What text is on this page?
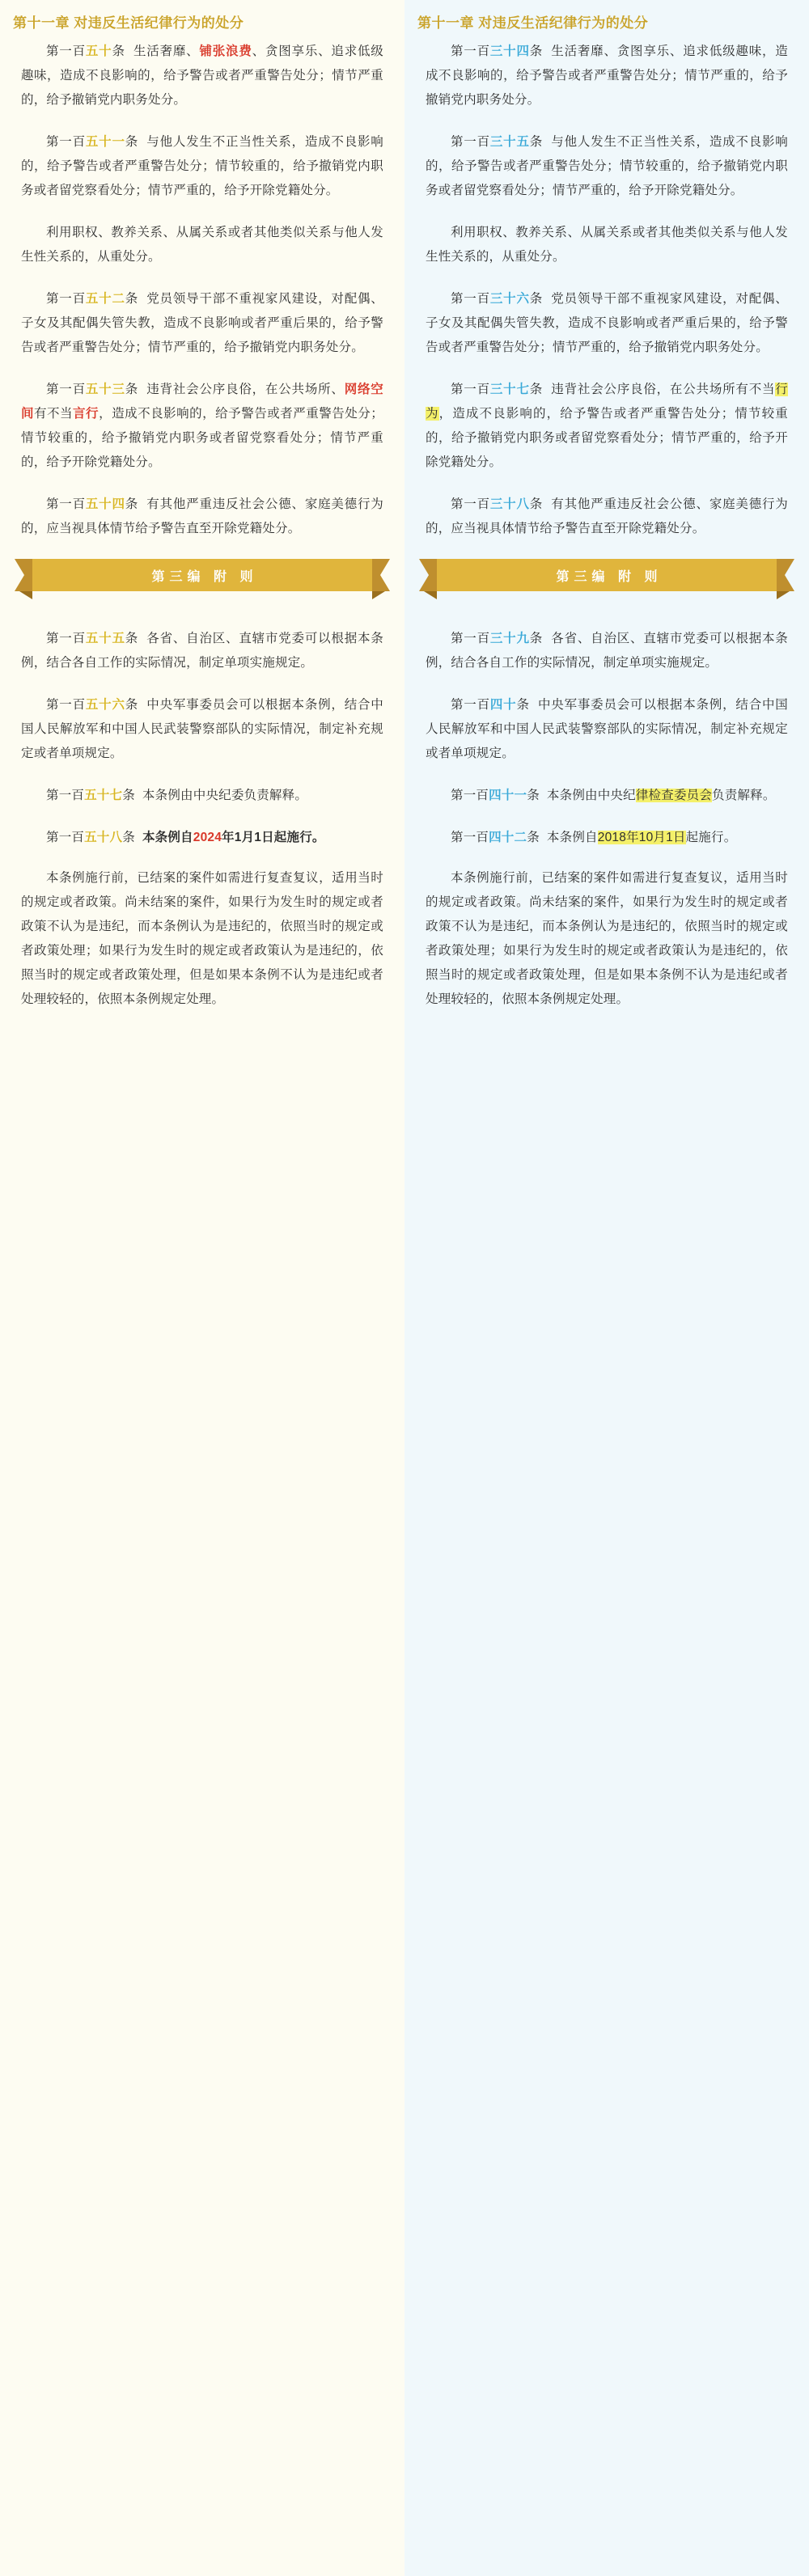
第十一章 对违反生活纪律行为的处分

第一百五十条  生活奢靡、铺张浪费、贪图享乐、追求低级趣味，造成不良影响的，给予警告或者严重警告处分；情节严重的，给予撤销党内职务处分。

第一百五十一条  与他人发生不正当性关系，造成不良影响的，给予警告或者严重警告处分；情节较重的，给予撤销党内职务或者留党察看处分；情节严重的，给予开除党籍处分。

利用职权、教养关系、从属关系或者其他类似关系与他人发生性关系的，从重处分。

第一百五十二条  党员领导干部不重视家风建设，对配偶、子女及其配偶失管失教，造成不良影响或者严重后果的，给予警告或者严重警告处分；情节严重的，给予撤销党内职务处分。

第一百五十三条  违背社会公序良俗，在公共场所、网络空间有不当言行，造成不良影响的，给予警告或者严重警告处分；情节较重的，给予撤销党内职务或者留党察看处分；情节严重的，给予开除党籍处分。

第一百五十四条  有其他严重违反社会公德、家庭美德行为的，应当视具体情节给予警告直至开除党籍处分。

第三编 附 则

第一百五十五条  各省、自治区、直辖市党委可以根据本条例，结合各自工作的实际情况，制定单项实施规定。

第一百五十六条  中央军事委员会可以根据本条例，结合中国人民解放军和中国人民武装警察部队的实际情况，制定补充规定或者单项规定。

第一百五十七条  本条例由中央纪委负责解释。

第一百五十八条 本条例自2024年1月1日起施行。

本条例施行前，已结案的案件如需进行复查复议，适用当时的规定或者政策。尚未结案的案件，如果行为发生时的规定或者政策不认为是违纪，而本条例认为是违纪的，依照当时的规定或者政策处理；如果行为发生时的规定或者政策认为是违纪的，依照当时的规定或者政策处理，但是如果本条例不认为是违纪或者处理较轻的，依照本条例规定处理。

第十一章 对违反生活纪律行为的处分

第一百三十四条  生活奢靡、贪图享乐、追求低级趣味，造成不良影响的，给予警告或者严重警告处分；情节严重的，给予撤销党内职务处分。

第一百三十五条  与他人发生不正当性关系，造成不良影响的，给予警告或者严重警告处分；情节较重的，给予撤销党内职务或者留党察看处分；情节严重的，给予开除党籍处分。

利用职权、教养关系、从属关系或者其他类似关系与他人发生性关系的，从重处分。

第一百三十六条  党员领导干部不重视家风建设，对配偶、子女及其配偶失管失教，造成不良影响或者严重后果的，给予警告或者严重警告处分；情节严重的，给予撤销党内职务处分。

第一百三十七条  违背社会公序良俗，在公共场所有不当行为，造成不良影响的，给予警告或者严重警告处分；情节较重的，给予撤销党内职务或者留党察看处分；情节严重的，给予开除党籍处分。

第一百三十八条  有其他严重违反社会公德、家庭美德行为的，应当视具体情节给予警告直至开除党籍处分。

第三编 附 则

第一百三十九条  各省、自治区、直辖市党委可以根据本条例，结合各自工作的实际情况，制定单项实施规定。

第一百四十条  中央军事委员会可以根据本条例，结合中国人民解放军和中国人民武装警察部队的实际情况，制定补充规定或者单项规定。

第一百四十一条  本条例由中央纪律检查委员会负责解释。

第一百四十二条  本条例自2018年10月1日起施行。

本条例施行前，已结案的案件如需进行复查复议，适用当时的规定或者政策。尚未结案的案件，如果行为发生时的规定或者政策不认为是违纪，而本条例认为是违纪的，依照当时的规定或者政策处理；如果行为发生时的规定或者政策认为是违纪的，依照当时的规定或者政策处理，但是如果本条例不认为是违纪或者处理较轻的，依照本条例规定处理。
